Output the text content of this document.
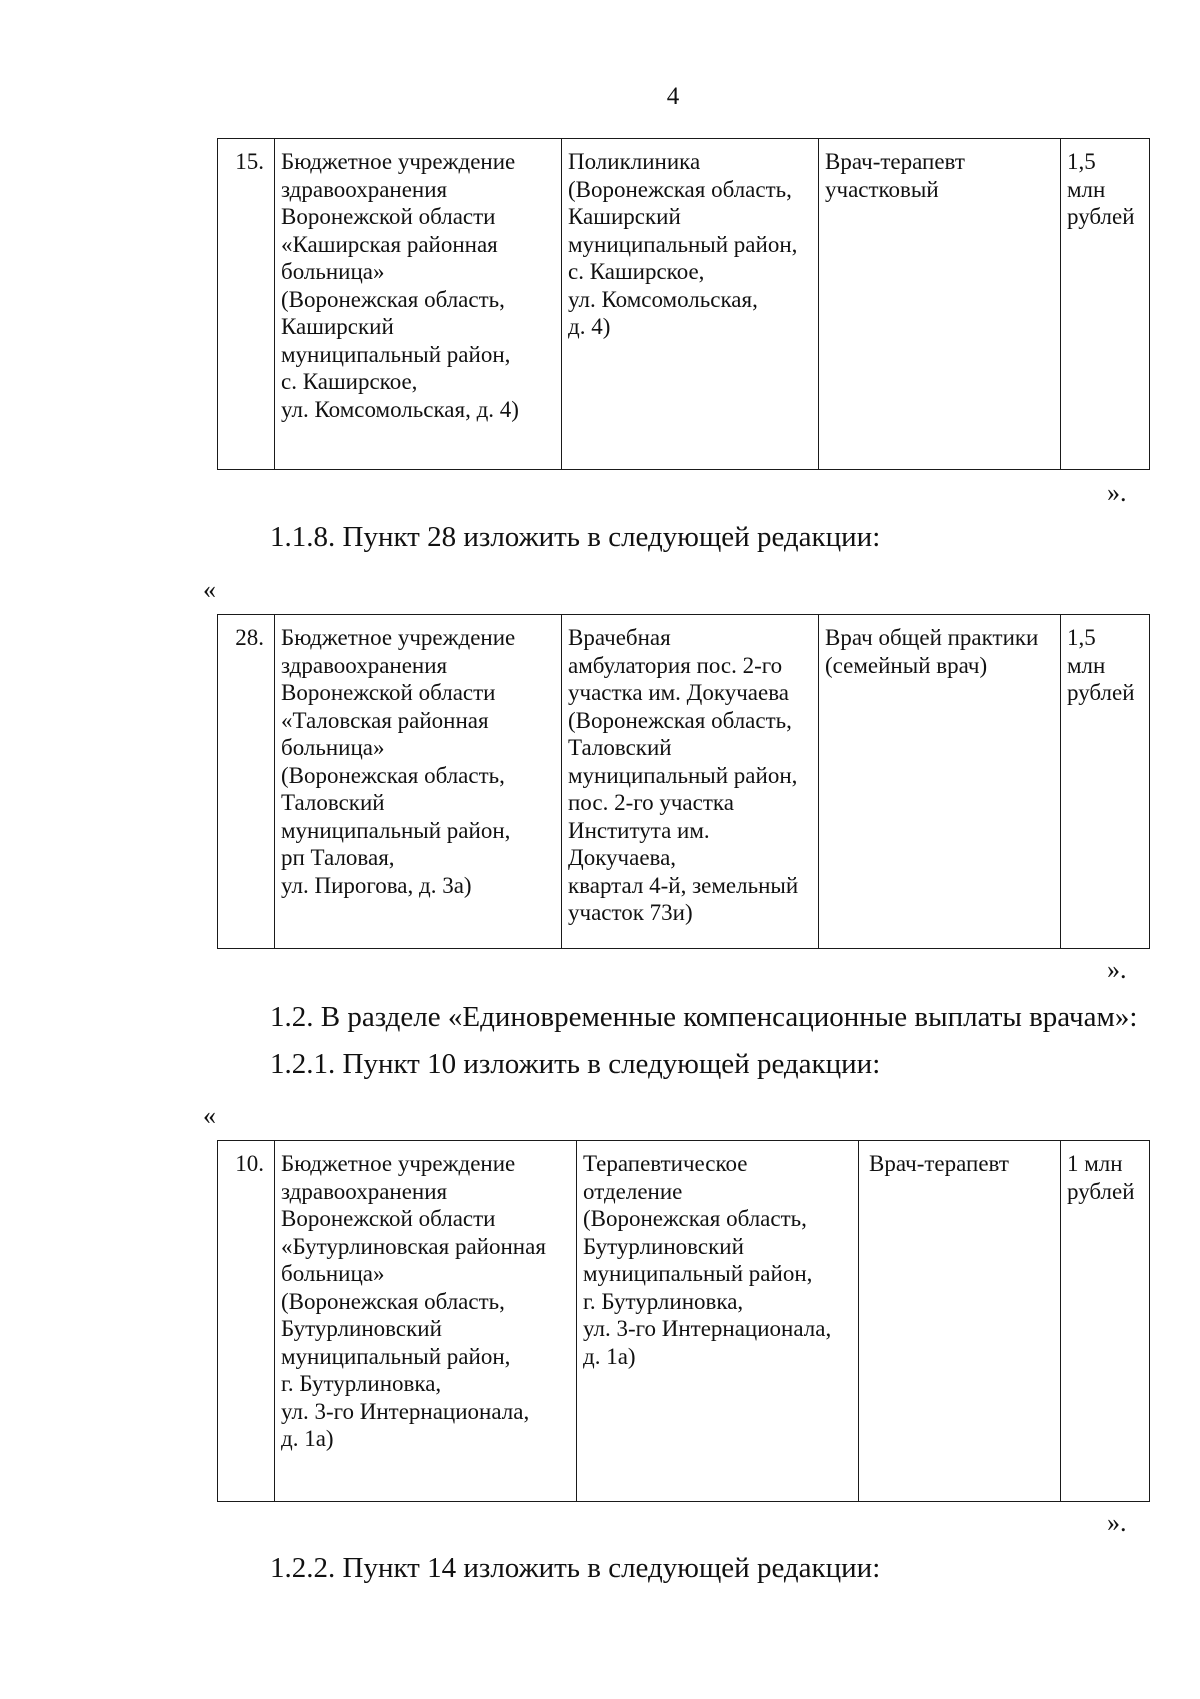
4
15.	Бюджетное учреждение
здравоохранения
Воронежской области
«Каширская районная
больница»
(Воронежская область,
Каширский
муниципальный район,
с. Каширское,
ул. Комсомольская, д. 4)	Поликлиника
(Воронежская область,
Каширский
муниципальный район,
с. Каширское,
ул. Комсомольская,
д. 4)	Врач-терапевт
участковый	1,5
млн
рублей
».
1.1.8. Пункт 28 изложить в следующей редакции:
«
28.	Бюджетное учреждение
здравоохранения
Воронежской области
«Таловская районная
больница»
(Воронежская область,
Таловский
муниципальный район,
рп Таловая,
ул. Пирогова, д. 3а)	Врачебная
амбулатория пос. 2-го
участка им. Докучаева
(Воронежская область,
Таловский
муниципальный район,
пос. 2-го участка
Института им.
Докучаева,
квартал 4-й, земельный
участок 73и)	Врач общей практики
(семейный врач)	1,5
млн
рублей
».
1.2. В разделе «Единовременные компенсационные выплаты врачам»:
1.2.1. Пункт 10 изложить в следующей редакции:
«
10.	Бюджетное учреждение
здравоохранения
Воронежской области
«Бутурлиновская районная
больница»
(Воронежская область,
Бутурлиновский
муниципальный район,
г. Бутурлиновка,
ул. 3-го Интернационала,
д. 1а)	Терапевтическое
отделение
(Воронежская область,
Бутурлиновский
муниципальный район,
г. Бутурлиновка,
ул. 3-го Интернационала,
д. 1а)	Врач-терапевт	1 млн
рублей
».
1.2.2. Пункт 14 изложить в следующей редакции:
